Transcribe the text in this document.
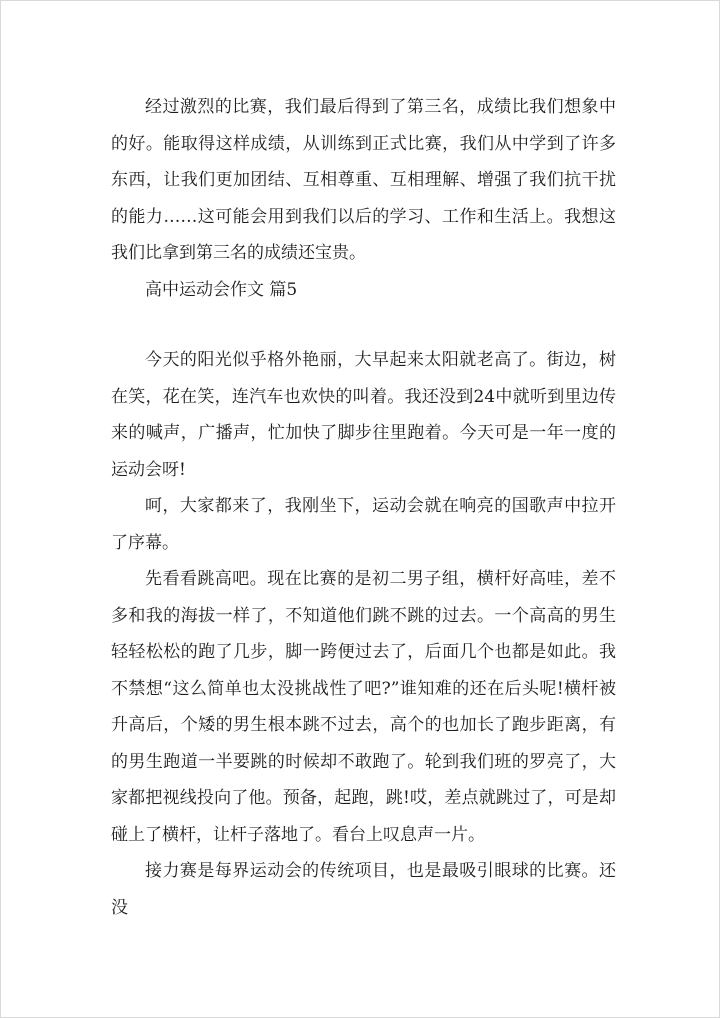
经过激烈的比赛，我们最后得到了第三名，成绩比我们想象中的好。能取得这样成绩，从训练到正式比赛，我们从中学到了许多东西，让我们更加团结、互相尊重、互相理解、增强了我们抗干扰的能力……这可能会用到我们以后的学习、工作和生活上。我想这我们比拿到第三名的成绩还宝贵。

高中运动会作文 篇5

今天的阳光似乎格外艳丽，大早起来太阳就老高了。街边，树在笑，花在笑，连汽车也欢快的叫着。我还没到24中就听到里边传来的喊声，广播声，忙加快了脚步往里跑着。今天可是一年一度的运动会呀!

呵，大家都来了，我刚坐下，运动会就在响亮的国歌声中拉开了序幕。

先看看跳高吧。现在比赛的是初二男子组，横杆好高哇，差不多和我的海拔一样了，不知道他们跳不跳的过去。一个高高的男生轻轻松松的跑了几步，脚一跨便过去了，后面几个也都是如此。我不禁想“这么简单也太没挑战性了吧?”谁知难的还在后头呢!横杆被升高后，个矮的男生根本跳不过去，高个的也加长了跑步距离，有的男生跑道一半要跳的时候却不敢跑了。轮到我们班的罗亮了，大家都把视线投向了他。预备，起跑，跳!哎，差点就跳过了，可是却碰上了横杆，让杆子落地了。看台上叹息声一片。

接力赛是每界运动会的传统项目，也是最吸引眼球的比赛。还没
